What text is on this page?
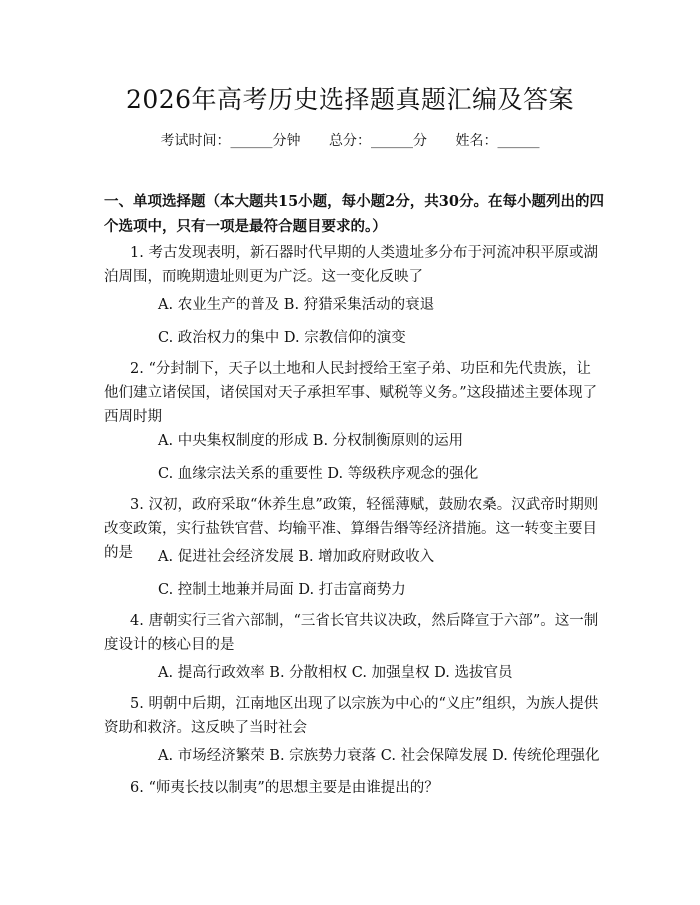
2026年高考历史选择题真题汇编及答案
考试时间：______分钟 总分：______分 姓名：______
一、单项选择题（本大题共15小题，每小题2分，共30分。在每小题列出的四个选项中，只有一项是最符合题目要求的。）
1. 考古发现表明，新石器时代早期的人类遗址多分布于河流冲积平原或湖泊周围，而晚期遗址则更为广泛。这一变化反映了
A. 农业生产的普及 B. 狩猎采集活动的衰退
C. 政治权力的集中 D. 宗教信仰的演变
2. “分封制下，天子以土地和人民封授给王室子弟、功臣和先代贵族，让他们建立诸侯国，诸侯国对天子承担军事、赋税等义务。”这段描述主要体现了西周时期
A. 中央集权制度的形成 B. 分权制衡原则的运用
C. 血缘宗法关系的重要性 D. 等级秩序观念的强化
3. 汉初，政府采取“休养生息”政策，轻徭薄赋，鼓励农桑。汉武帝时期则改变政策，实行盐铁官营、均输平准、算缗告缗等经济措施。这一转变主要目的是	A. 促进社会经济发展 B. 增加政府财政收入
C. 控制土地兼并局面 D. 打击富商势力
4. 唐朝实行三省六部制，“三省长官共议决政，然后降宣于六部”。这一制度设计的核心目的是
A. 提高行政效率 B. 分散相权 C. 加强皇权 D. 选拔官员
5. 明朝中后期，江南地区出现了以宗族为中心的“义庄”组织，为族人提供资助和救济。这反映了当时社会
A. 市场经济繁荣 B. 宗族势力衰落 C. 社会保障发展 D. 传统伦理强化
6. “师夷长技以制夷”的思想主要是由谁提出的？
